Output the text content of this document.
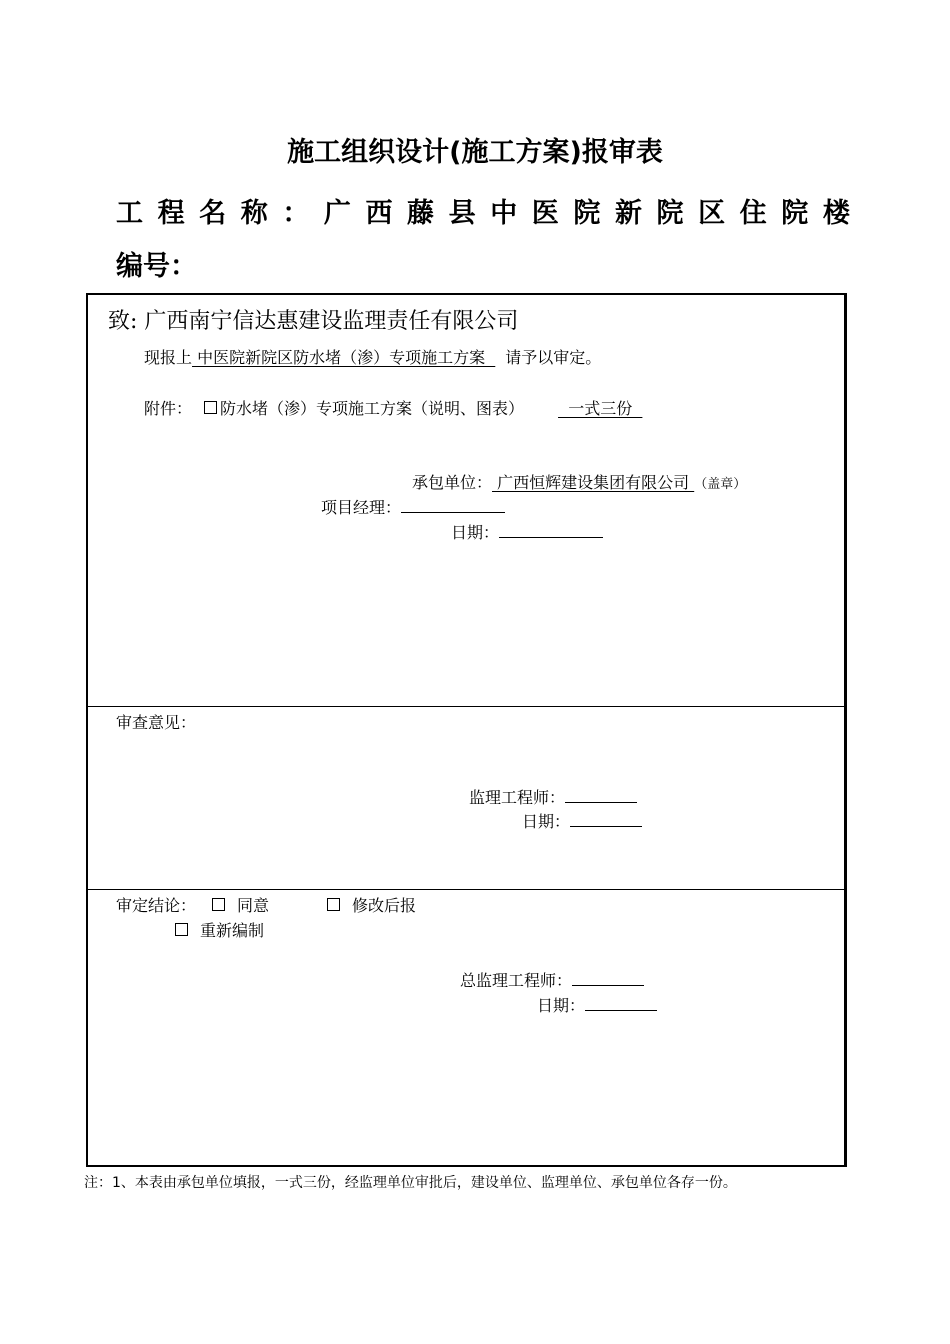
施工组织设计(施工方案)报审表
工 程 名 称 ： 广 西 藤 县 中 医 院 新 院 区 住 院 楼
编号：
致: 广西南宁信达惠建设监理责任有限公司
现报上 中医院新院区防水堵（渗）专项施工方案  请予以审定。
附件： 防水堵（渗）专项施工方案（说明、图表）  一式三份
承包单位： 广西恒辉建设集团有限公司 （盖章）
项目经理：
日期：
审查意见：
监理工程师：
日期：
审定结论：	同意	修改后报
重新编制
总监理工程师：
日期：
注：1、本表由承包单位填报，一式三份，经监理单位审批后，建设单位、监理单位、承包单位各存一份。
